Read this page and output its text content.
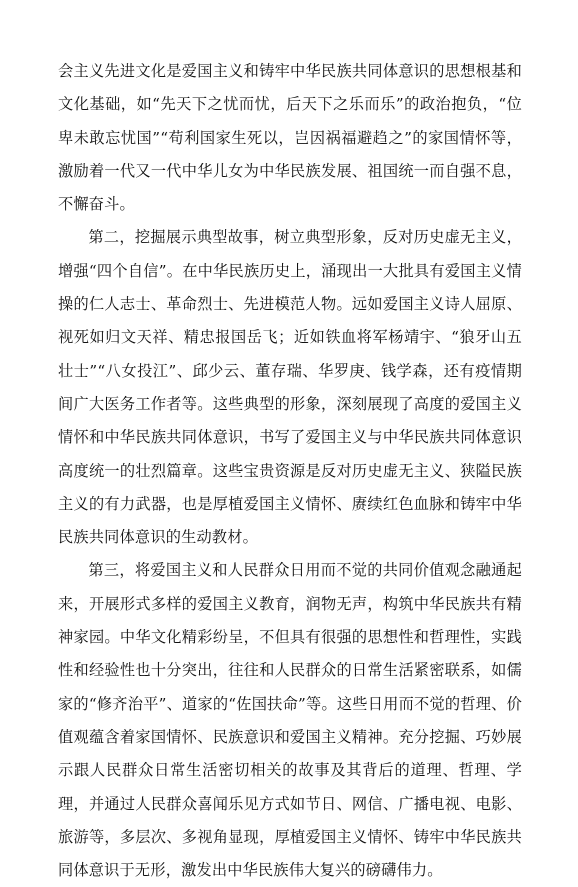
会主义先进文化是爱国主义和铸牢中华民族共同体意识的思想根基和文化基础，如“先天下之忧而忧，后天下之乐而乐”的政治抱负，“位卑未敢忘忧国”“苟利国家生死以，岂因祸福避趋之”的家国情怀等，激励着一代又一代中华儿女为中华民族发展、祖国统一而自强不息，不懈奋斗。

第二，挖掘展示典型故事，树立典型形象，反对历史虚无主义，增强“四个自信”。在中华民族历史上，涌现出一大批具有爱国主义情操的仁人志士、革命烈士、先进模范人物。远如爱国主义诗人屈原、视死如归文天祥、精忠报国岳飞；近如铁血将军杨靖宇、“狼牙山五壮士”“八女投江”、邱少云、董存瑞、华罗庚、钱学森，还有疫情期间广大医务工作者等。这些典型的形象，深刻展现了高度的爱国主义情怀和中华民族共同体意识，书写了爱国主义与中华民族共同体意识高度统一的壮烈篇章。这些宝贵资源是反对历史虚无主义、狭隘民族主义的有力武器，也是厚植爱国主义情怀、赓续红色血脉和铸牢中华民族共同体意识的生动教材。

第三，将爱国主义和人民群众日用而不觉的共同价值观念融通起来，开展形式多样的爱国主义教育，润物无声，构筑中华民族共有精神家园。中华文化精彩纷呈，不但具有很强的思想性和哲理性，实践性和经验性也十分突出，往往和人民群众的日常生活紧密联系，如儒家的“修齐治平”、道家的“佐国扶命”等。这些日用而不觉的哲理、价值观蕴含着家国情怀、民族意识和爱国主义精神。充分挖掘、巧妙展示跟人民群众日常生活密切相关的故事及其背后的道理、哲理、学理，并通过人民群众喜闻乐见方式如节日、网信、广播电视、电影、旅游等，多层次、多视角显现，厚植爱国主义情怀、铸牢中华民族共同体意识于无形，激发出中华民族伟大复兴的磅礴伟力。
